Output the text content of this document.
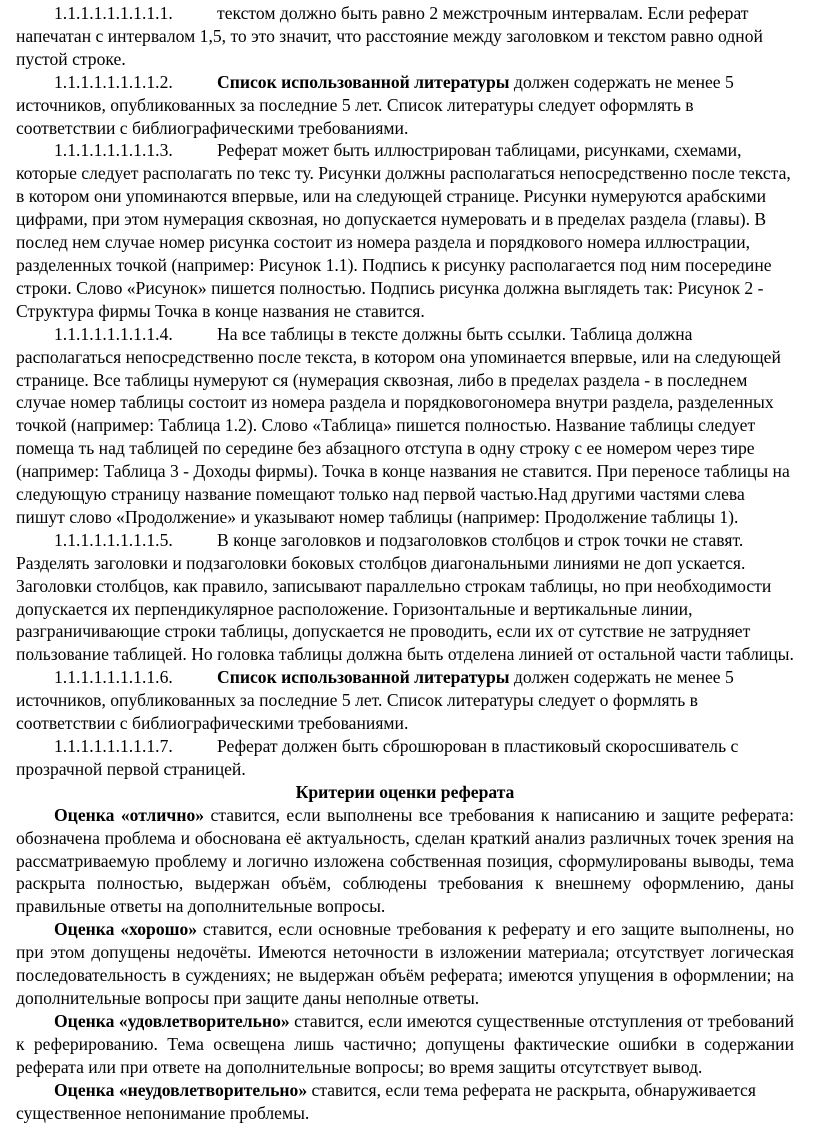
1.1.1.1.1.1.1.1.1.	текстом должно быть равно 2 межстрочным интервалам. Если реферат напечатан с интервалом 1,5, то это значит, что расстояние между заголовком и текстом равно одной пустой строке.

1.1.1.1.1.1.1.1.2.	Список использованной литературы должен содержать не менее 5 источников, опубликованных за последние 5 лет. Список литературы следует оформлять в соответствии с библиографическими требованиями.

1.1.1.1.1.1.1.1.3.	Реферат может быть иллюстрирован таблицами, рисунками, схемами, которые следует располагать по текс ту. Рисунки должны располагаться непосредственно после текста, в котором они упоминаются впервые, или на следующей странице. Рисунки нумеруются арабскими цифрами, при этом нумерация сквозная, но допускается нумеровать и в пределах раздела (главы). В послед нем случае номер рисунка состоит из номера раздела и порядкового номера иллюстрации, разделенных точкой (например: Рисунок 1.1). Подпись к рисунку располагается под ним посередине строки. Слово «Рисунок» пишется полностью. Подпись рисунка должна выглядеть так: Рисунок 2 - Структура фирмы Точка в конце названия не ставится.

1.1.1.1.1.1.1.1.4.	На все таблицы в тексте должны быть ссылки. Таблица должна располагаться непосредственно после текста, в котором она упоминается впервые, или на следующей странице. Все таблицы нумеруют ся (нумерация сквозная, либо в пределах раздела - в последнем случае номер таблицы состоит из номера раздела и порядковогономера внутри раздела, разделенных точкой (например: Таблица 1.2). Слово «Таблица» пишется полностью. Название таблицы следует помеща ть над таблицей по середине без абзацного отступа в одну строку с ее номером через тире (например: Таблица 3 - Доходы фирмы). Точка в конце названия не ставится. При переносе таблицы на следующую страницу название помещают только над первой частью.Над другими частями слева пишут слово «Продолжение» и указывают номер таблицы (например: Продолжение таблицы 1).

1.1.1.1.1.1.1.1.5.	В конце заголовков и подзаголовков столбцов и строк точки не ставят. Разделять заголовки и подзаголовки боковых столбцов диагональными линиями не доп ускается. Заголовки столбцов, как правило, записывают параллельно строкам таблицы, но при необходимости допускается их перпендикулярное расположение. Горизонтальные и вертикальные линии, разграничивающие строки таблицы, допускается не проводить, если их от сутствие не затрудняет пользование таблицей. Но головка таблицы должна быть отделена линией от остальной части таблицы.

1.1.1.1.1.1.1.1.6.	Список использованной литературы должен содержать не менее 5 источников, опубликованных за последние 5 лет. Список литературы следует о формлять в соответствии с библиографическими требованиями.

1.1.1.1.1.1.1.1.7.	Реферат должен быть сброшюрован в пластиковый скоросшиватель с прозрачной первой страницей.

Критерии оценки реферата

Оценка «отлично» ставится, если выполнены все требования к написанию и защите реферата: обозначена проблема и обоснована её актуальность, сделан краткий анализ различных точек зрения на рассматриваемую проблему и логично изложена собственная позиция, сформулированы выводы, тема раскрыта полностью, выдержан объём, соблюдены требования к внешнему оформлению, даны правильные ответы на дополнительные вопросы.

Оценка «хорошо» ставится, если основные требования к реферату и его защите выполнены, но при этом допущены недочёты. Имеются неточности в изложении материала; отсутствует логическая последовательность в суждениях; не выдержан объём реферата; имеются упущения в оформлении; на дополнительные вопросы при защите даны неполные ответы.

Оценка «удовлетворительно» ставится, если имеются существенные отступления от требований к реферированию. Тема освещена лишь частично; допущены фактические ошибки в содержании реферата или при ответе на дополнительные вопросы; во время защиты отсутствует вывод.

Оценка «неудовлетворительно» ставится, если тема реферата не раскрыта, обнаруживается существенное непонимание проблемы.
